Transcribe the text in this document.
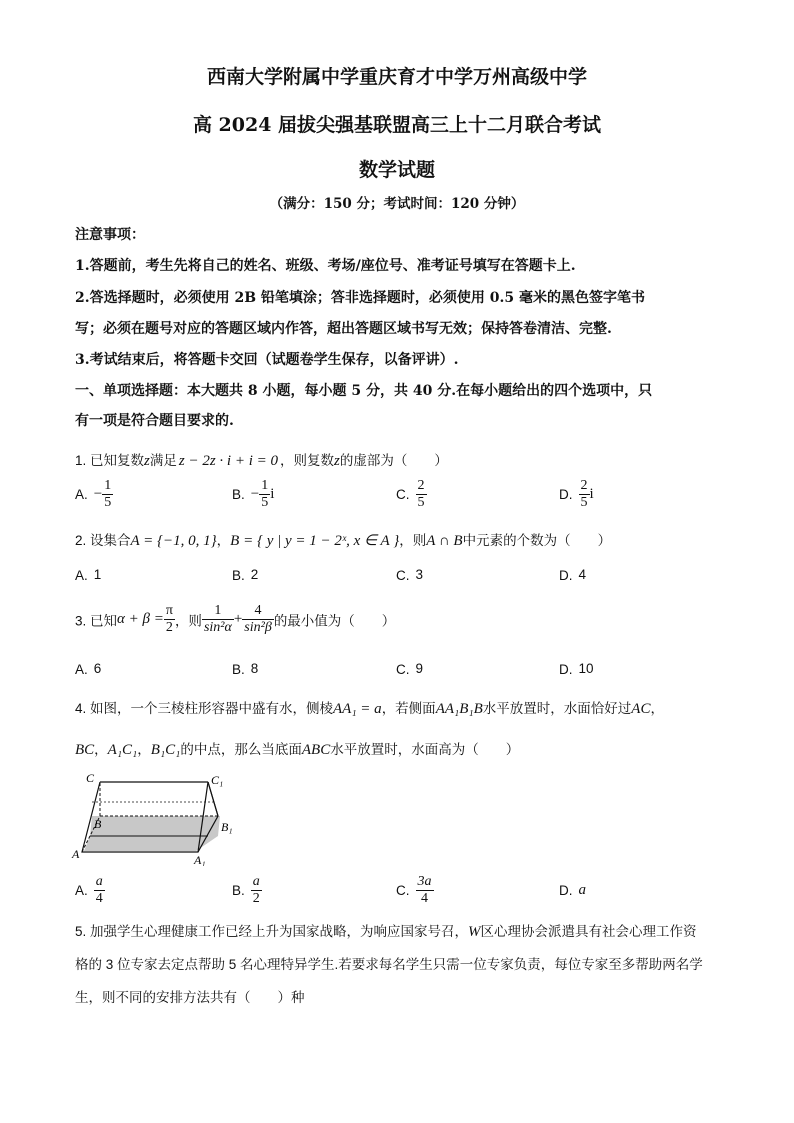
西南大学附属中学重庆育才中学万州高级中学
高 2024 届拔尖强基联盟高三上十二月联合考试
数学试题
（满分：150 分；考试时间：120 分钟）
注意事项：
1.答题前，考生先将自己的姓名、班级、考场/座位号、准考证号填写在答题卡上.
2.答选择题时，必须使用 2B 铅笔填涂；答非选择题时，必须使用 0.5 毫米的黑色签字笔书
写；必须在题号对应的答题区域内作答，超出答题区域书写无效；保持答卷清洁、完整.
3.考试结束后，将答题卡交回（试题卷学生保存，以备评讲）.
一、单项选择题：本大题共 8 小题，每小题 5 分，共 40 分.在每小题给出的四个选项中，只
有一项是符合题目要求的.
1. 已知复数z满足 z − 2z · i + i = 0 ，则复数z的虚部为（　　）
A. − $\frac{1}{5}$	B. − $\frac{1}{5}$ i	C. $\frac{2}{5}$	D. $\frac{2}{5}$ i
2. 设集合A = {−1, 0, 1}，B = { y | y = 1 − 2ˣ, x ∈ A }，则A ∩ B中元素的个数为（　　）
A. 1	B. 2	C. 3	D. 4
3. 已知$\alpha + \beta = \frac{\pi}{2}$ ，则 $\frac{1}{\text{sin²α}} + \frac{4}{\text{sin²β}}$ 的最小值为（　　）
A. 6	B. 8	C. 9	D. 10
4. 如图，一个三棱柱形容器中盛有水，侧棱AA₁ = a，若侧面AA₁B₁B水平放置时，水面恰好过AC，
BC，A₁C₁，B₁C₁的中点，那么当底面ABC水平放置时，水面高为（　　）
C	C₁
B	B₁
A	A₁
A. $\frac{a}{4}$	B. $\frac{a}{2}$	C. $\frac{3a}{4}$	D. a
5. 加强学生心理健康工作已经上升为国家战略，为响应国家号召，W区心理协会派遣具有社会心理工作资
格的 3 位专家去定点帮助 5 名心理特异学生.若要求每名学生只需一位专家负责，每位专家至多帮助两名学
生，则不同的安排方法共有（　　）种
